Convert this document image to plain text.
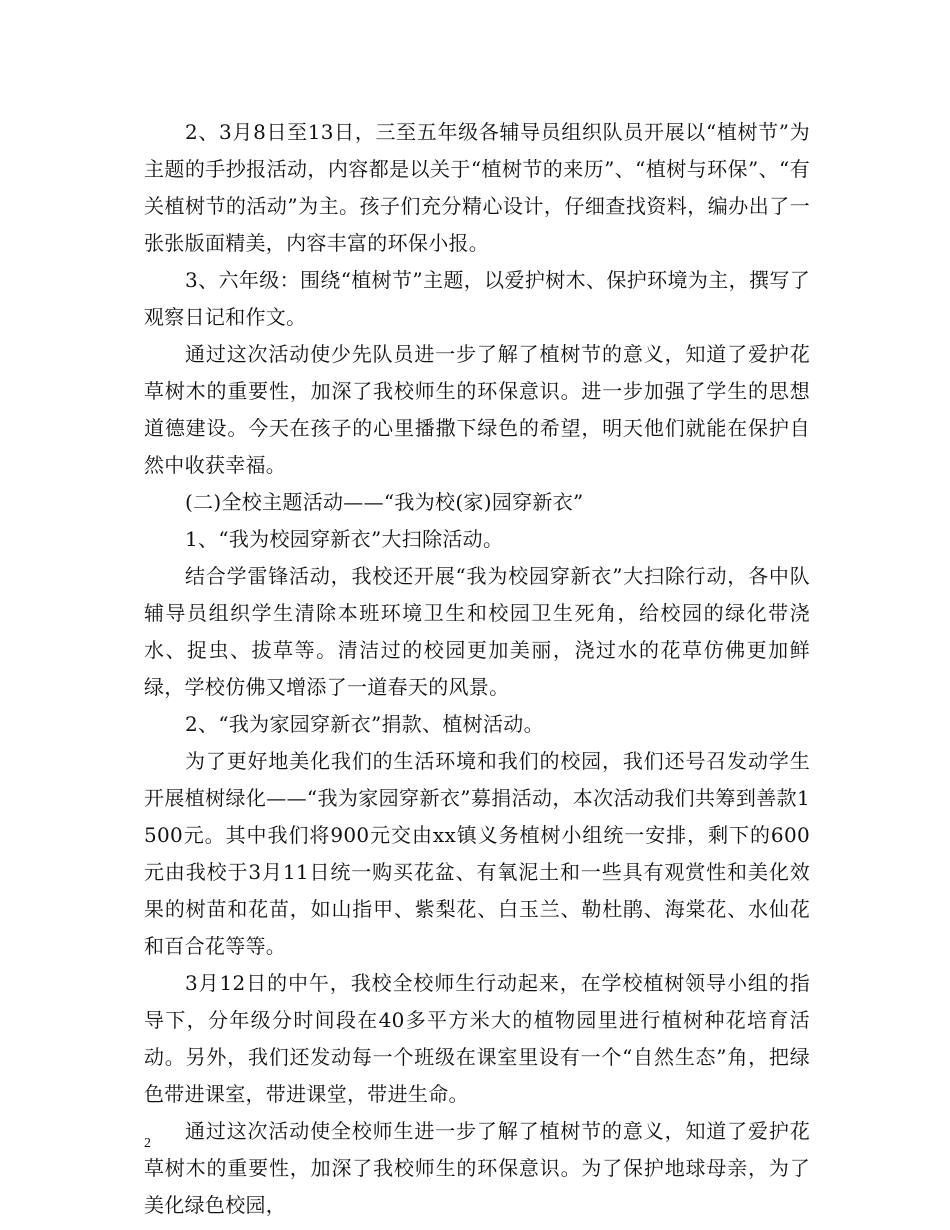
2、3月8日至13日，三至五年级各辅导员组织队员开展以“植树节”为主题的手抄报活动，内容都是以关于“植树节的来历”、“植树与环保”、“有关植树节的活动”为主。孩子们充分精心设计，仔细查找资料，编办出了一张张版面精美，内容丰富的环保小报。

3、六年级：围绕“植树节”主题，以爱护树木、保护环境为主，撰写了观察日记和作文。

通过这次活动使少先队员进一步了解了植树节的意义，知道了爱护花草树木的重要性，加深了我校师生的环保意识。进一步加强了学生的思想道德建设。今天在孩子的心里播撒下绿色的希望，明天他们就能在保护自然中收获幸福。

(二)全校主题活动——“我为校(家)园穿新衣”

1、“我为校园穿新衣”大扫除活动。

结合学雷锋活动，我校还开展“我为校园穿新衣”大扫除行动，各中队辅导员组织学生清除本班环境卫生和校园卫生死角，给校园的绿化带浇水、捉虫、拔草等。清洁过的校园更加美丽，浇过水的花草仿佛更加鲜绿，学校仿佛又增添了一道春天的风景。

2、“我为家园穿新衣”捐款、植树活动。

为了更好地美化我们的生活环境和我们的校园，我们还号召发动学生开展植树绿化——“我为家园穿新衣”募捐活动，本次活动我们共筹到善款1500元。其中我们将900元交由xx镇义务植树小组统一安排，剩下的600元由我校于3月11日统一购买花盆、有氧泥土和一些具有观赏性和美化效果的树苗和花苗，如山指甲、紫梨花、白玉兰、勒杜鹃、海棠花、水仙花和百合花等等。

3月12日的中午，我校全校师生行动起来，在学校植树领导小组的指导下，分年级分时间段在40多平方米大的植物园里进行植树种花培育活动。另外，我们还发动每一个班级在课室里设有一个“自然生态”角，把绿色带进课室，带进课堂，带进生命。

通过这次活动使全校师生进一步了解了植树节的意义，知道了爱护花草树木的重要性，加深了我校师生的环保意识。为了保护地球母亲，为了美化绿色校园，

2
